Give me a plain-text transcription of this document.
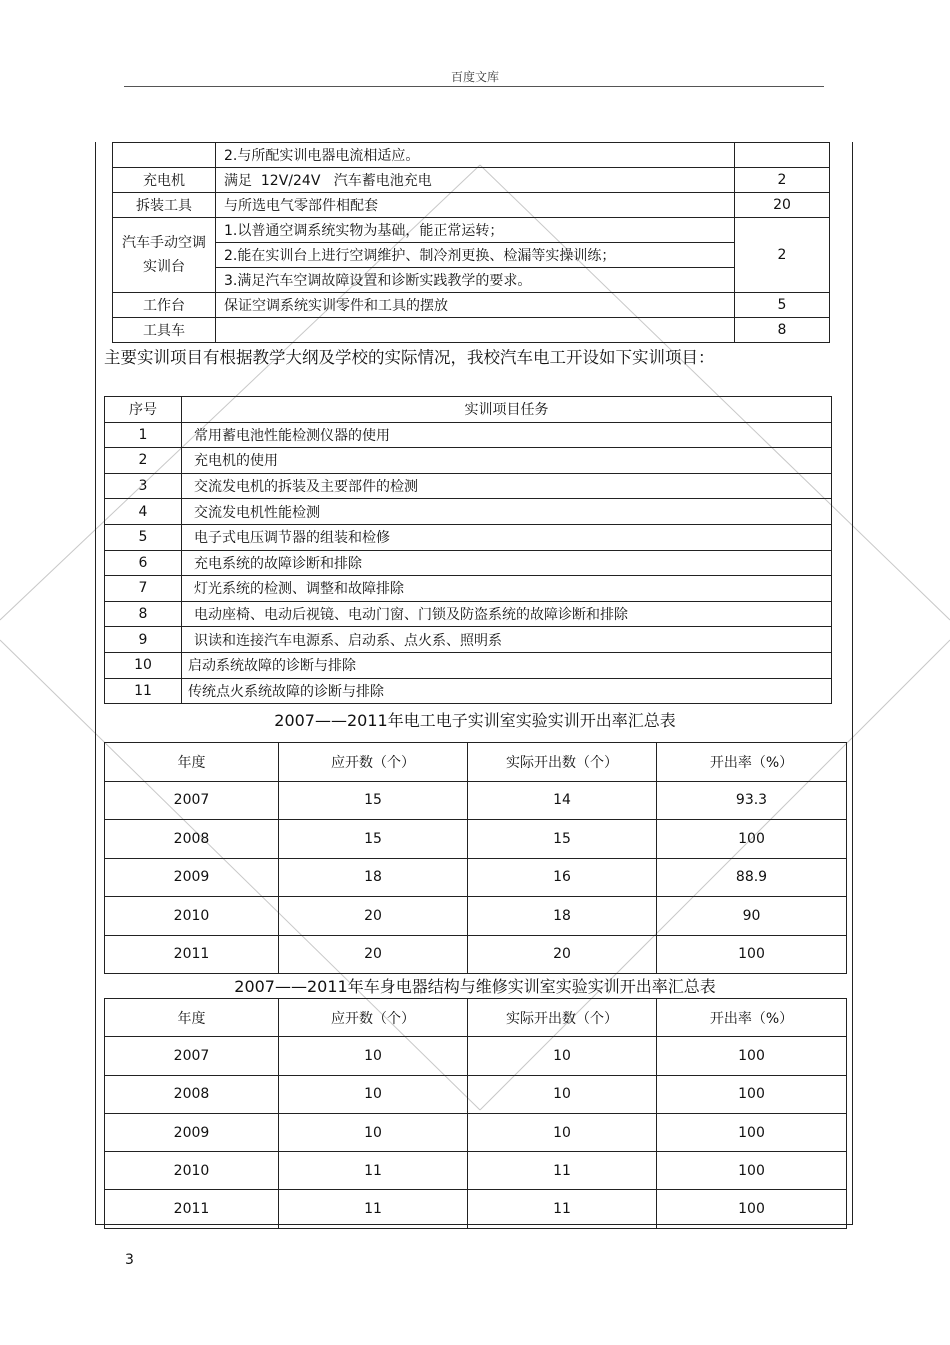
百度文库
	2.与所配实训电器电流相适应。	
充电机	满足  12V/24V   汽车蓄电池充电	2
拆装工具	与所选电气零部件相配套	20
汽车手动空调实训台	1.以普通空调系统实物为基础，能正常运转；	2
	2.能在实训台上进行空调维护、制冷剂更换、检漏等实操训练；	
	3.满足汽车空调故障设置和诊断实践教学的要求。	
工作台	保证空调系统实训零件和工具的摆放	5
工具车		8
主要实训项目有根据教学大纲及学校的实际情况，我校汽车电工开设如下实训项目：
序号	实训项目任务
1	常用蓄电池性能检测仪器的使用
2	充电机的使用
3	交流发电机的拆装及主要部件的检测
4	交流发电机性能检测
5	电子式电压调节器的组装和检修
6	充电系统的故障诊断和排除
7	灯光系统的检测、调整和故障排除
8	电动座椅、电动后视镜、电动门窗、门锁及防盗系统的故障诊断和排除
9	识读和连接汽车电源系、启动系、点火系、照明系
10	启动系统故障的诊断与排除
11	传统点火系统故障的诊断与排除
2007——2011年电工电子实训室实验实训开出率汇总表
年度	应开数（个）	实际开出数（个）	开出率（%）
2007	15	14	93.3
2008	15	15	100
2009	18	16	88.9
2010	20	18	90
2011	20	20	100
2007——2011年车身电器结构与维修实训室实验实训开出率汇总表
年度	应开数（个）	实际开出数（个）	开出率（%）
2007	10	10	100
2008	10	10	100
2009	10	10	100
2010	11	11	100
2011	11	11	100
3
